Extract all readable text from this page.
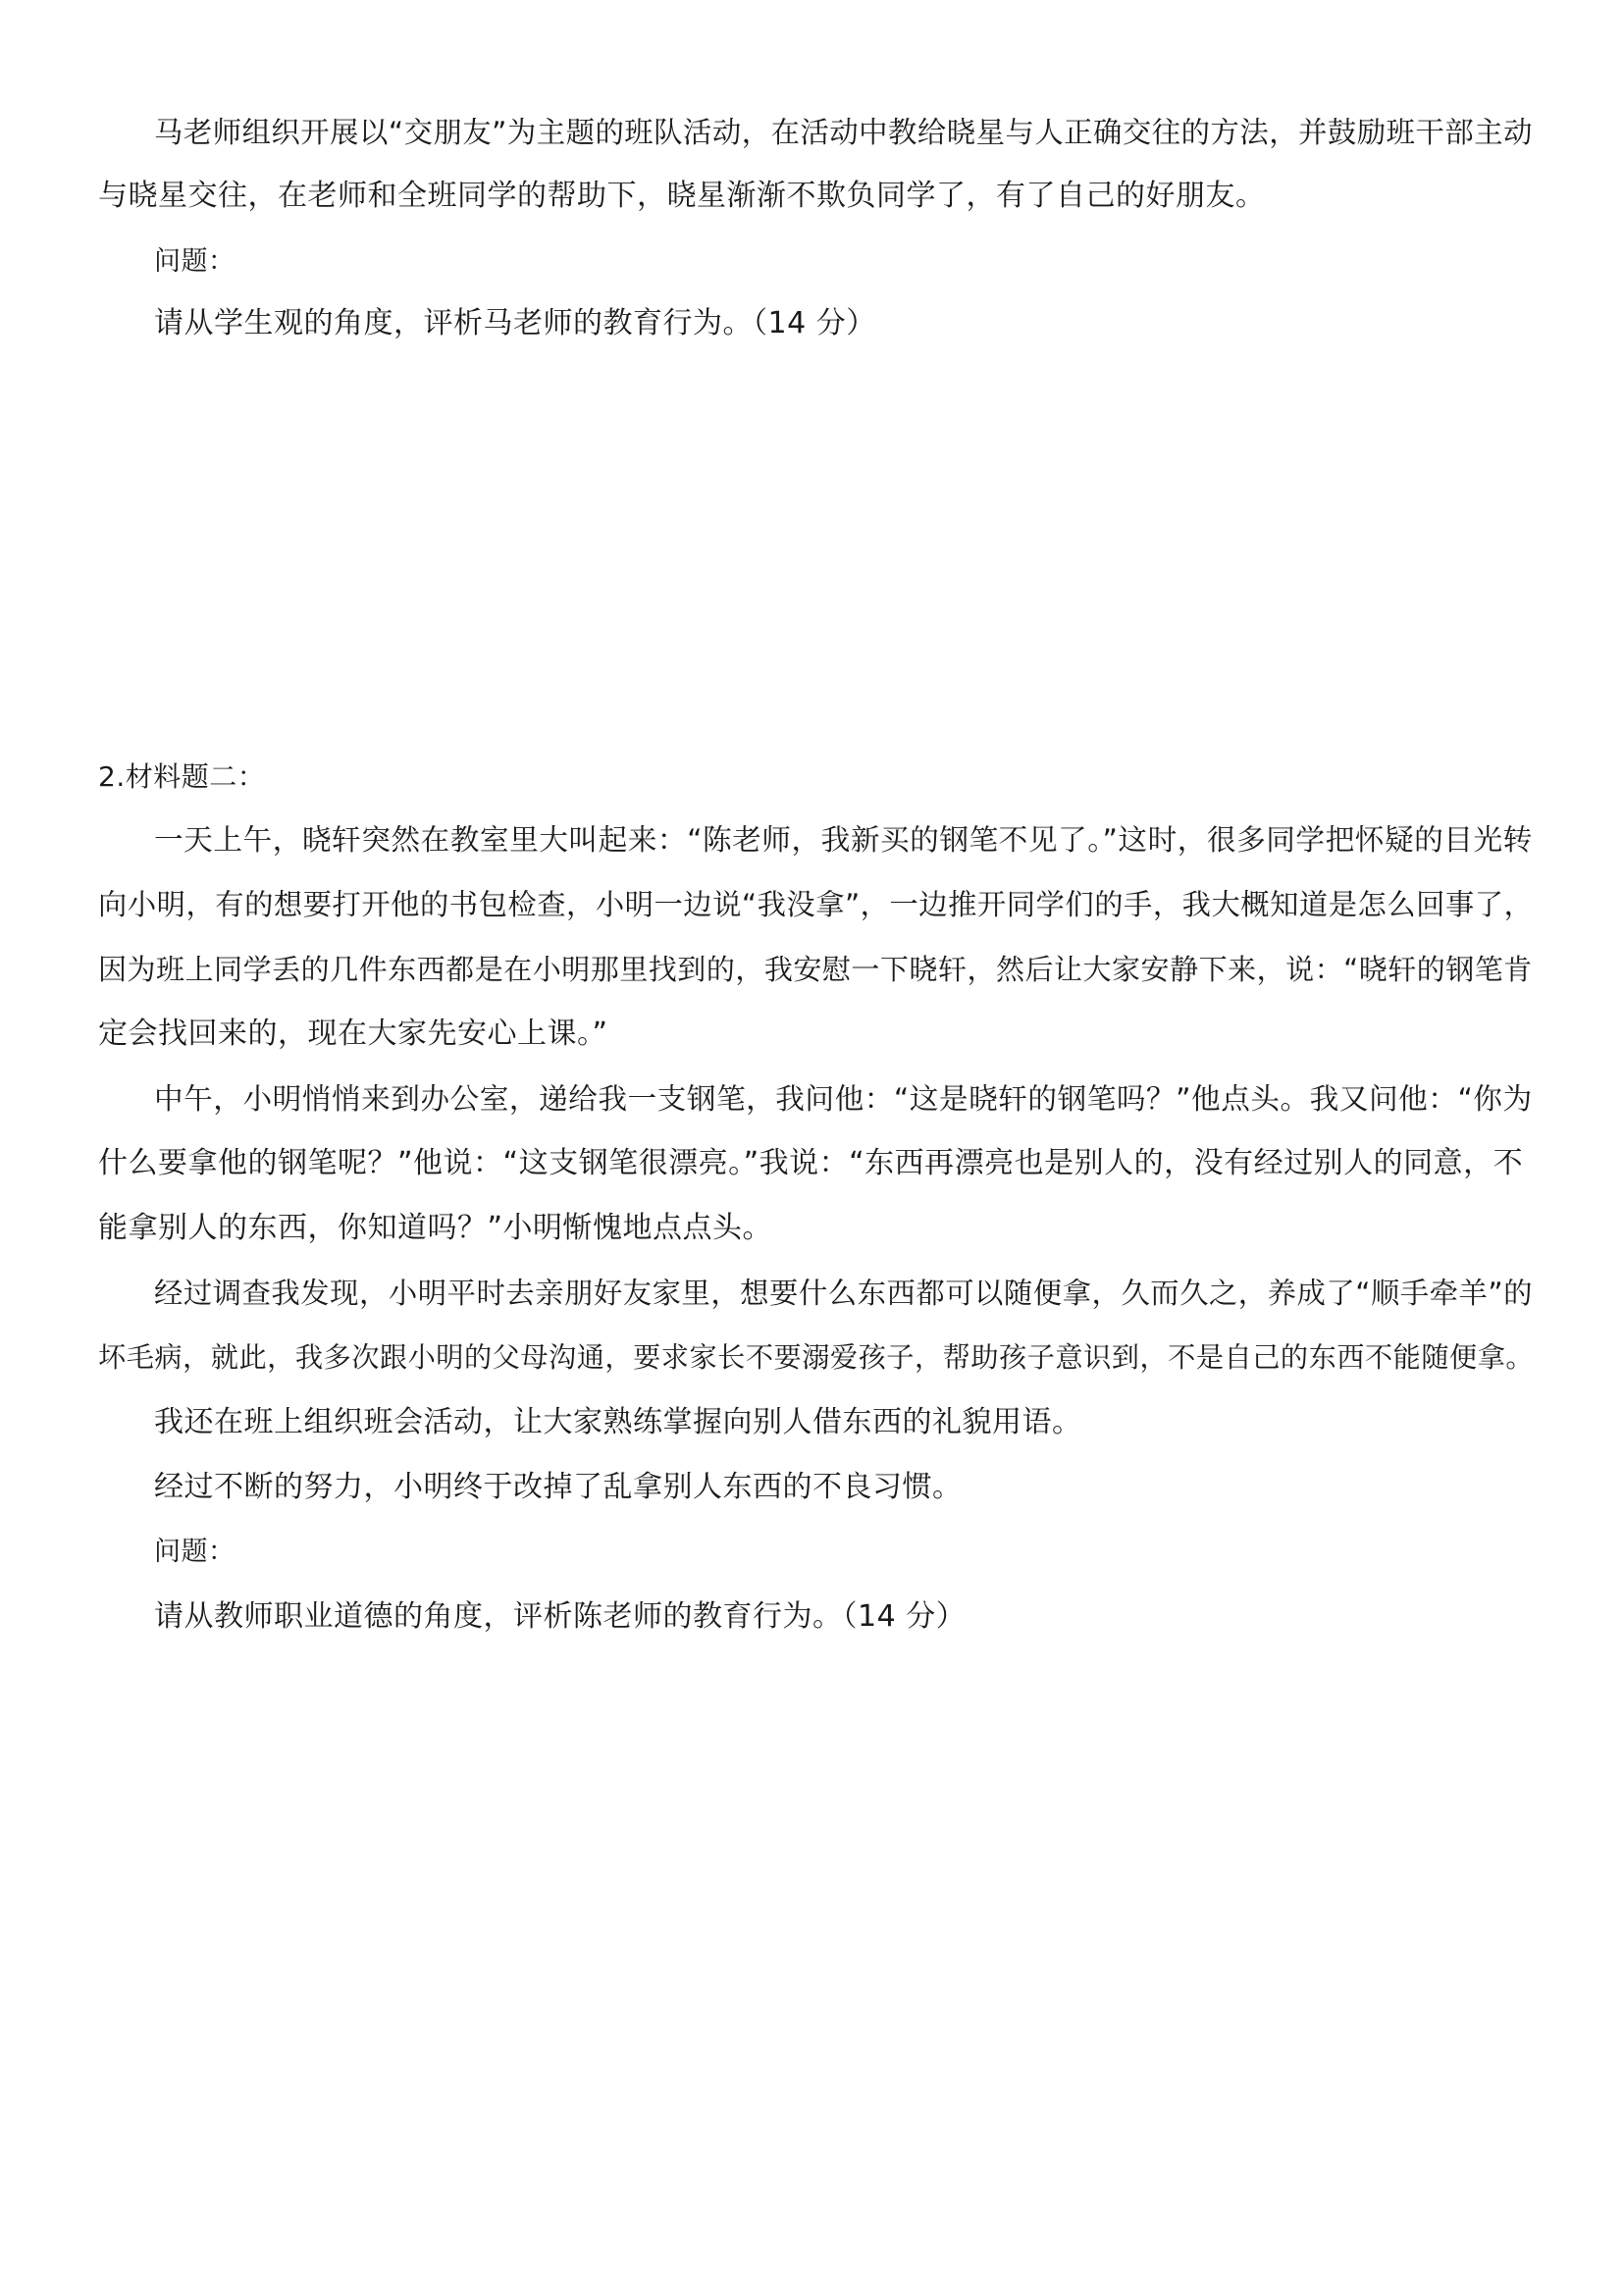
马老师组织开展以“交朋友”为主题的班队活动，在活动中教给晓星与人正确交往的方法，并鼓励班干部主动
与晓星交往，在老师和全班同学的帮助下，晓星渐渐不欺负同学了，有了自己的好朋友。
问题：
请从学生观的角度，评析马老师的教育行为。（14 分）
2.材料题二：
一天上午，晓轩突然在教室里大叫起来：“陈老师，我新买的钢笔不见了。”这时，很多同学把怀疑的目光转
向小明，有的想要打开他的书包检查，小明一边说“我没拿”，一边推开同学们的手，我大概知道是怎么回事了，
因为班上同学丢的几件东西都是在小明那里找到的，我安慰一下晓轩，然后让大家安静下来，说：“晓轩的钢笔肯
定会找回来的，现在大家先安心上课。”
中午，小明悄悄来到办公室，递给我一支钢笔，我问他：“这是晓轩的钢笔吗？”他点头。我又问他：“你为
什么要拿他的钢笔呢？”他说：“这支钢笔很漂亮。”我说：“东西再漂亮也是别人的，没有经过别人的同意，不
能拿别人的东西，你知道吗？”小明惭愧地点点头。
经过调查我发现，小明平时去亲朋好友家里，想要什么东西都可以随便拿，久而久之，养成了“顺手牵羊”的
坏毛病，就此，我多次跟小明的父母沟通，要求家长不要溺爱孩子，帮助孩子意识到，不是自己的东西不能随便拿。
我还在班上组织班会活动，让大家熟练掌握向别人借东西的礼貌用语。
经过不断的努力，小明终于改掉了乱拿别人东西的不良习惯。
问题：
请从教师职业道德的角度，评析陈老师的教育行为。（14 分）
